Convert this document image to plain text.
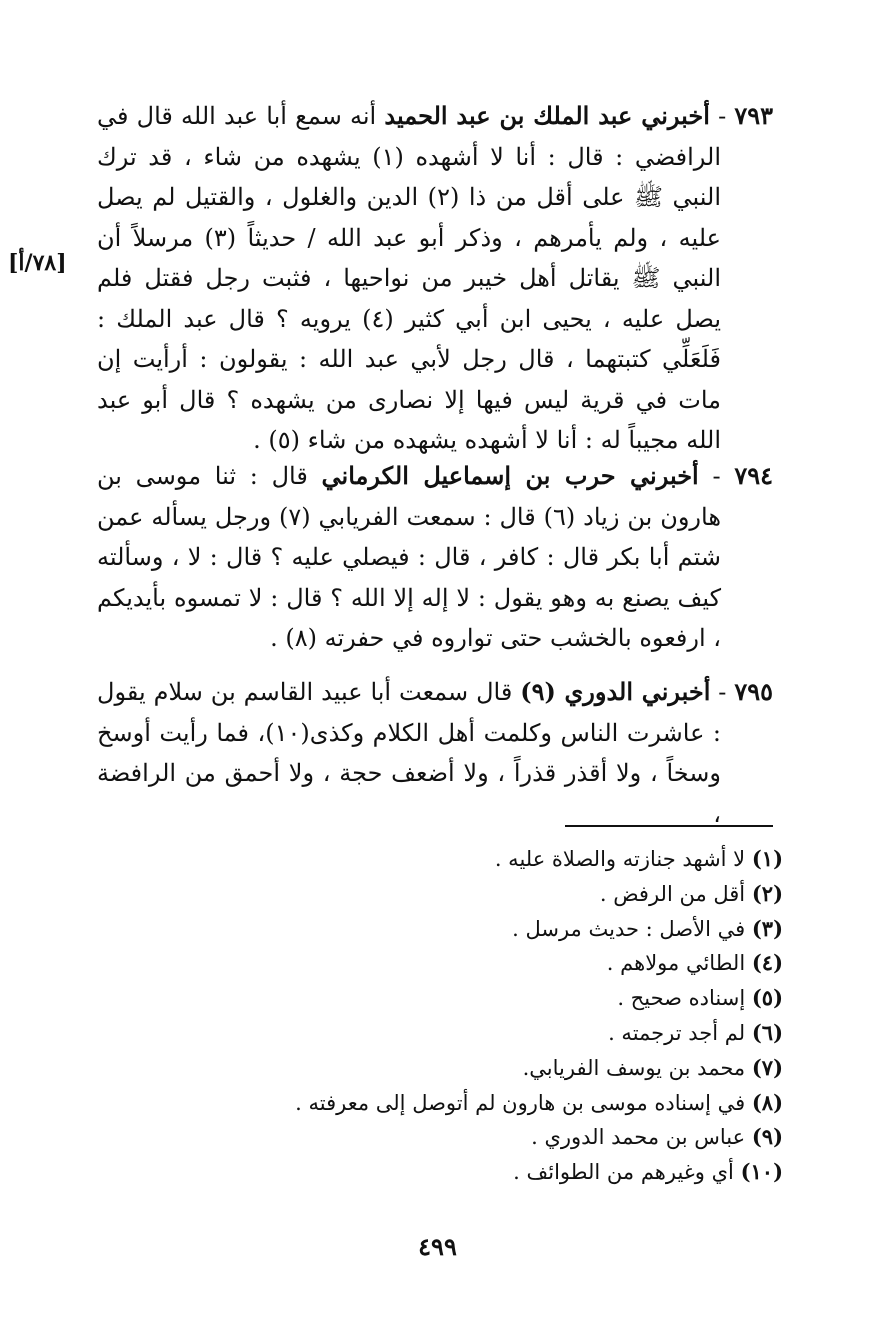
٧٩٣ - أخبرني عبد الملك بن عبد الحميد أنه سمع أبا عبد الله قال في الرافضي : قال : أنا لا أشهده (١) يشهده من شاء ، قد ترك النبي ﷺ على أقل من ذا (٢) الدين والغلول ، والقتيل لم يصل عليه ، ولم يأمرهم ، وذكر أبو عبد الله / حديثاً (٣) مرسلاً أن النبي ﷺ يقاتل أهل خيبر من نواحيها ، فثبت رجل فقتل فلم يصل عليه ، يحيى ابن أبي كثير (٤) يرويه ؟ قال عبد الملك : فَلَعَلِّي كتبتهما ، قال رجل لأبي عبد الله : يقولون : أرأيت إن مات في قرية ليس فيها إلا نصارى من يشهده ؟ قال أبو عبد الله مجيباً له : أنا لا أشهده يشهده من شاء (٥) .

[٧٨/أ]

٧٩٤ - أخبرني حرب بن إسماعيل الكرماني قال : ثنا موسى بن هارون بن زياد (٦) قال : سمعت الفريابي (٧) ورجل يسأله عمن شتم أبا بكر قال : كافر ، قال : فيصلي عليه ؟ قال : لا ، وسألته كيف يصنع به وهو يقول : لا إله إلا الله ؟ قال : لا تمسوه بأيديكم ، ارفعوه بالخشب حتى تواروه في حفرته (٨) .

٧٩٥ - أخبرني الدوري (٩) قال سمعت أبا عبيد القاسم بن سلام يقول : عاشرت الناس وكلمت أهل الكلام وكذى(١٠)، فما رأيت أوسخ وسخاً ، ولا أقذر قذراً ، ولا أضعف حجة ، ولا أحمق من الرافضة ،

(١) لا أشهد جنازته والصلاة عليه .
(٢) أقل من الرفض .
(٣) في الأصل : حديث مرسل .
(٤) الطائي مولاهم .
(٥) إسناده صحيح .
(٦) لم أجد ترجمته .
(٧) محمد بن يوسف الفريابي.
(٨) في إسناده موسى بن هارون لم أتوصل إلى معرفته .
(٩) عباس بن محمد الدوري .
(١٠) أي وغيرهم من الطوائف .
٤٩٩
